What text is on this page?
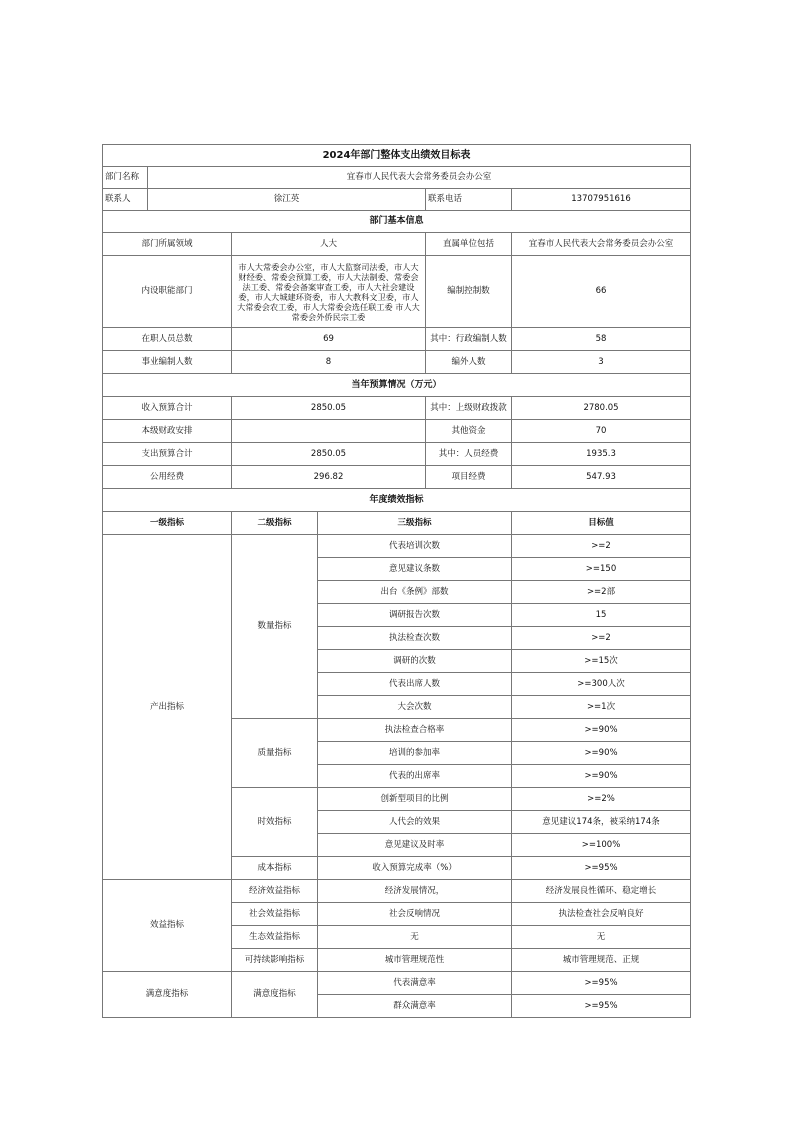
2024年部门整体支出绩效目标表					
部门名称	宜春市人民代表大会常务委员会办公室				
联系人	徐江英			联系电话	13707951616
部门基本信息					
部门所属领域		人大		直属单位包括	宜春市人民代表大会常务委员会办公室
内设职能部门		市人大常委会办公室，市人大监察司法委，市人大财经委、常委会预算工委，市人大法制委、常委会法工委、常委会备案审查工委，市人大社会建设委，市人大城建环资委，市人大教科文卫委，市人大常委会农工委，市人大常委会选任联工委 市人大常委会外侨民宗工委		编制控制数	66
在职人员总数		69		其中：行政编制人数	58
事业编制人数		8		编外人数	3
当年预算情况（万元）					
收入预算合计		2850.05		其中：上级财政拨款	2780.05
本级财政安排				其他资金	70
支出预算合计		2850.05		其中：人员经费	1935.3
公用经费		296.82		项目经费	547.93
年度绩效指标					
一级指标		二级指标	三级指标		目标值
产出指标		数量指标	代表培训次数		>=2
			意见建议条数		>=150
			出台《条例》部数		>=2部
			调研报告次数		15
			执法检查次数		>=2
			调研的次数		>=15次
			代表出席人数		>=300人次
			大会次数		>=1次
		质量指标	执法检查合格率		>=90%
			培训的参加率		>=90%
			代表的出席率		>=90%
		时效指标	创新型项目的比例		>=2%
			人代会的效果		意见建议174条，被采纳174条
			意见建议及时率		>=100%
		成本指标	收入预算完成率（%）		>=95%
效益指标		经济效益指标	经济发展情况，		经济发展良性循环、稳定增长
		社会效益指标	社会反响情况		执法检查社会反响良好
		生态效益指标	无		无
		可持续影响指标	城市管理规范性		城市管理规范、正规
满意度指标		满意度指标	代表满意率		>=95%
			群众满意率		>=95%
